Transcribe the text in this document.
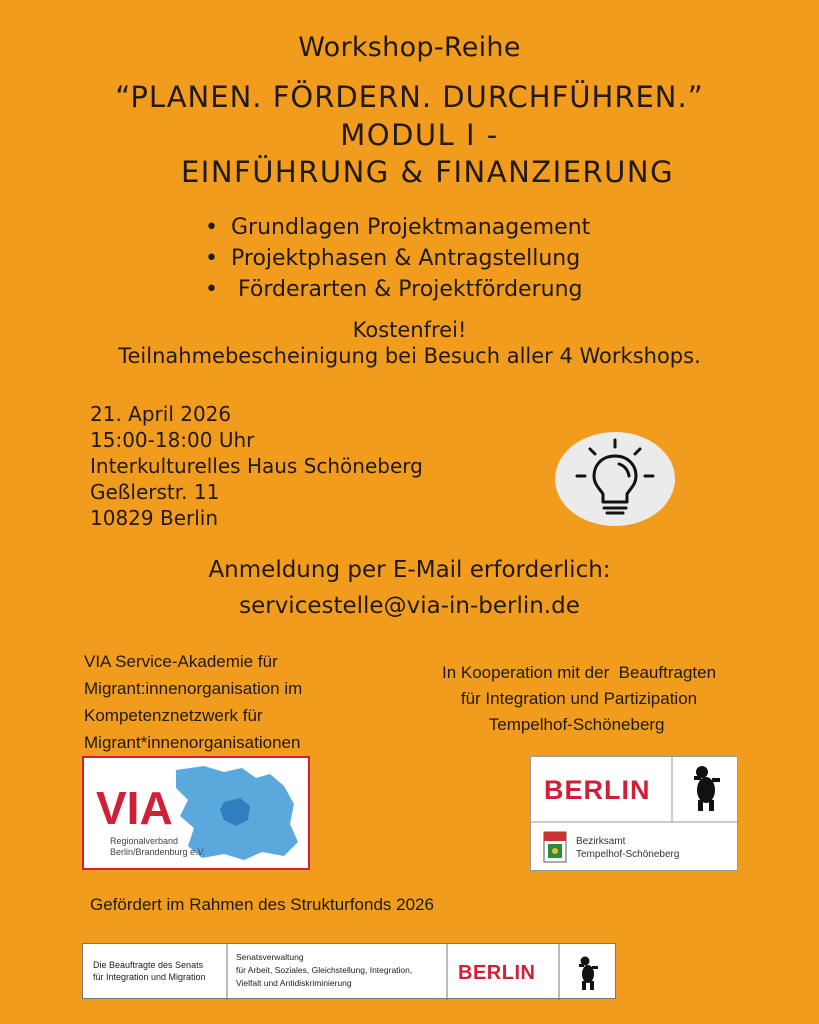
Workshop-Reihe
“PLANEN. FÖRDERN. DURCHFÜHREN.”
MODUL I -
EINFÜHRUNG & FINANZIERUNG
• Grundlagen Projektmanagement
• Projektphasen & Antragstellung
•  Förderarten & Projektförderung
Kostenfrei!
Teilnahmebescheinigung bei Besuch aller 4 Workshops.
21. April 2026
15:00-18:00 Uhr
Interkulturelles Haus Schöneberg
Geßlerstr. 11
10829 Berlin
Anmeldung per E-Mail erforderlich:
servicestelle@via-in-berlin.de
VIA Service-Akademie für
Migrant:innenorganisation im
Kompetenznetzwerk für
Migrant*innenorganisationen
In Kooperation mit der  Beauftragten
für Integration und Partizipation
Tempelhof-Schöneberg
VIA
Regionalverband
Berlin/Brandenburg e.V.
BERLIN
Bezirksamt
Tempelhof-Schöneberg
Gefördert im Rahmen des Strukturfonds 2026
Die Beauftragte des Senats
für Integration und Migration
Senatsverwaltung
für Arbeit, Soziales, Gleichstellung, Integration,
Vielfalt und Antidiskriminierung	BERLIN
